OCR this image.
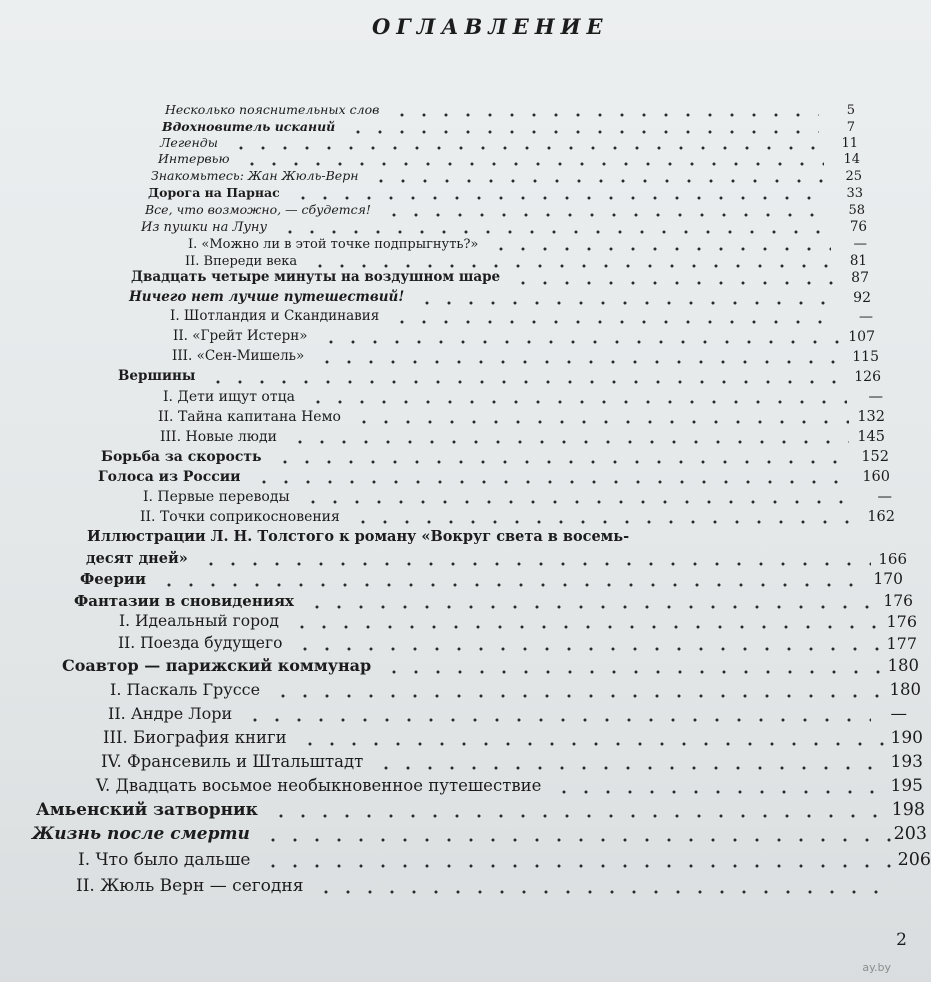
ОГЛАВЛЕНИЕ
Несколько пояснительных слов	5
Вдохновитель исканий	7
Легенды	11
Интервью	14
Знакомьтесь: Жан Жюль-Верн	25
Дорога на Парнас	33
Все, что возможно, — сбудется!	58
Из пушки на Луну	76
I. «Можно ли в этой точке подпрыгнуть?»	—
II. Впереди века	81
Двадцать четыре минуты на воздушном шаре	87
Ничего нет лучше путешествий!	92
I. Шотландия и Скандинавия	—
II. «Грейт Истерн»	107
III. «Сен-Мишель»	115
Вершины	126
I. Дети ищут отца	—
II. Тайна капитана Немо	132
III. Новые люди	145
Борьба за скорость	152
Голоса из России	160
I. Первые переводы	—
II. Точки соприкосновения	162
Иллюстрации Л. Н. Толстого к роману «Вокруг света в восемь-
десят дней»	166
Феерии	170
Фантазии в сновидениях	176
I. Идеальный город	176
II. Поезда будущего	177
Соавтор — парижский коммунар	180
I. Паскаль Груссе	180
II. Андре Лори	—
III. Биография книги	190
IV. Франсевиль и Штальштадт	193
V. Двадцать восьмое необыкновенное путешествие	195
Амьенский затворник	198
Жизнь после смерти	203
I. Что было дальше	206
II. Жюль Верн — сегодня
2
ay.by
